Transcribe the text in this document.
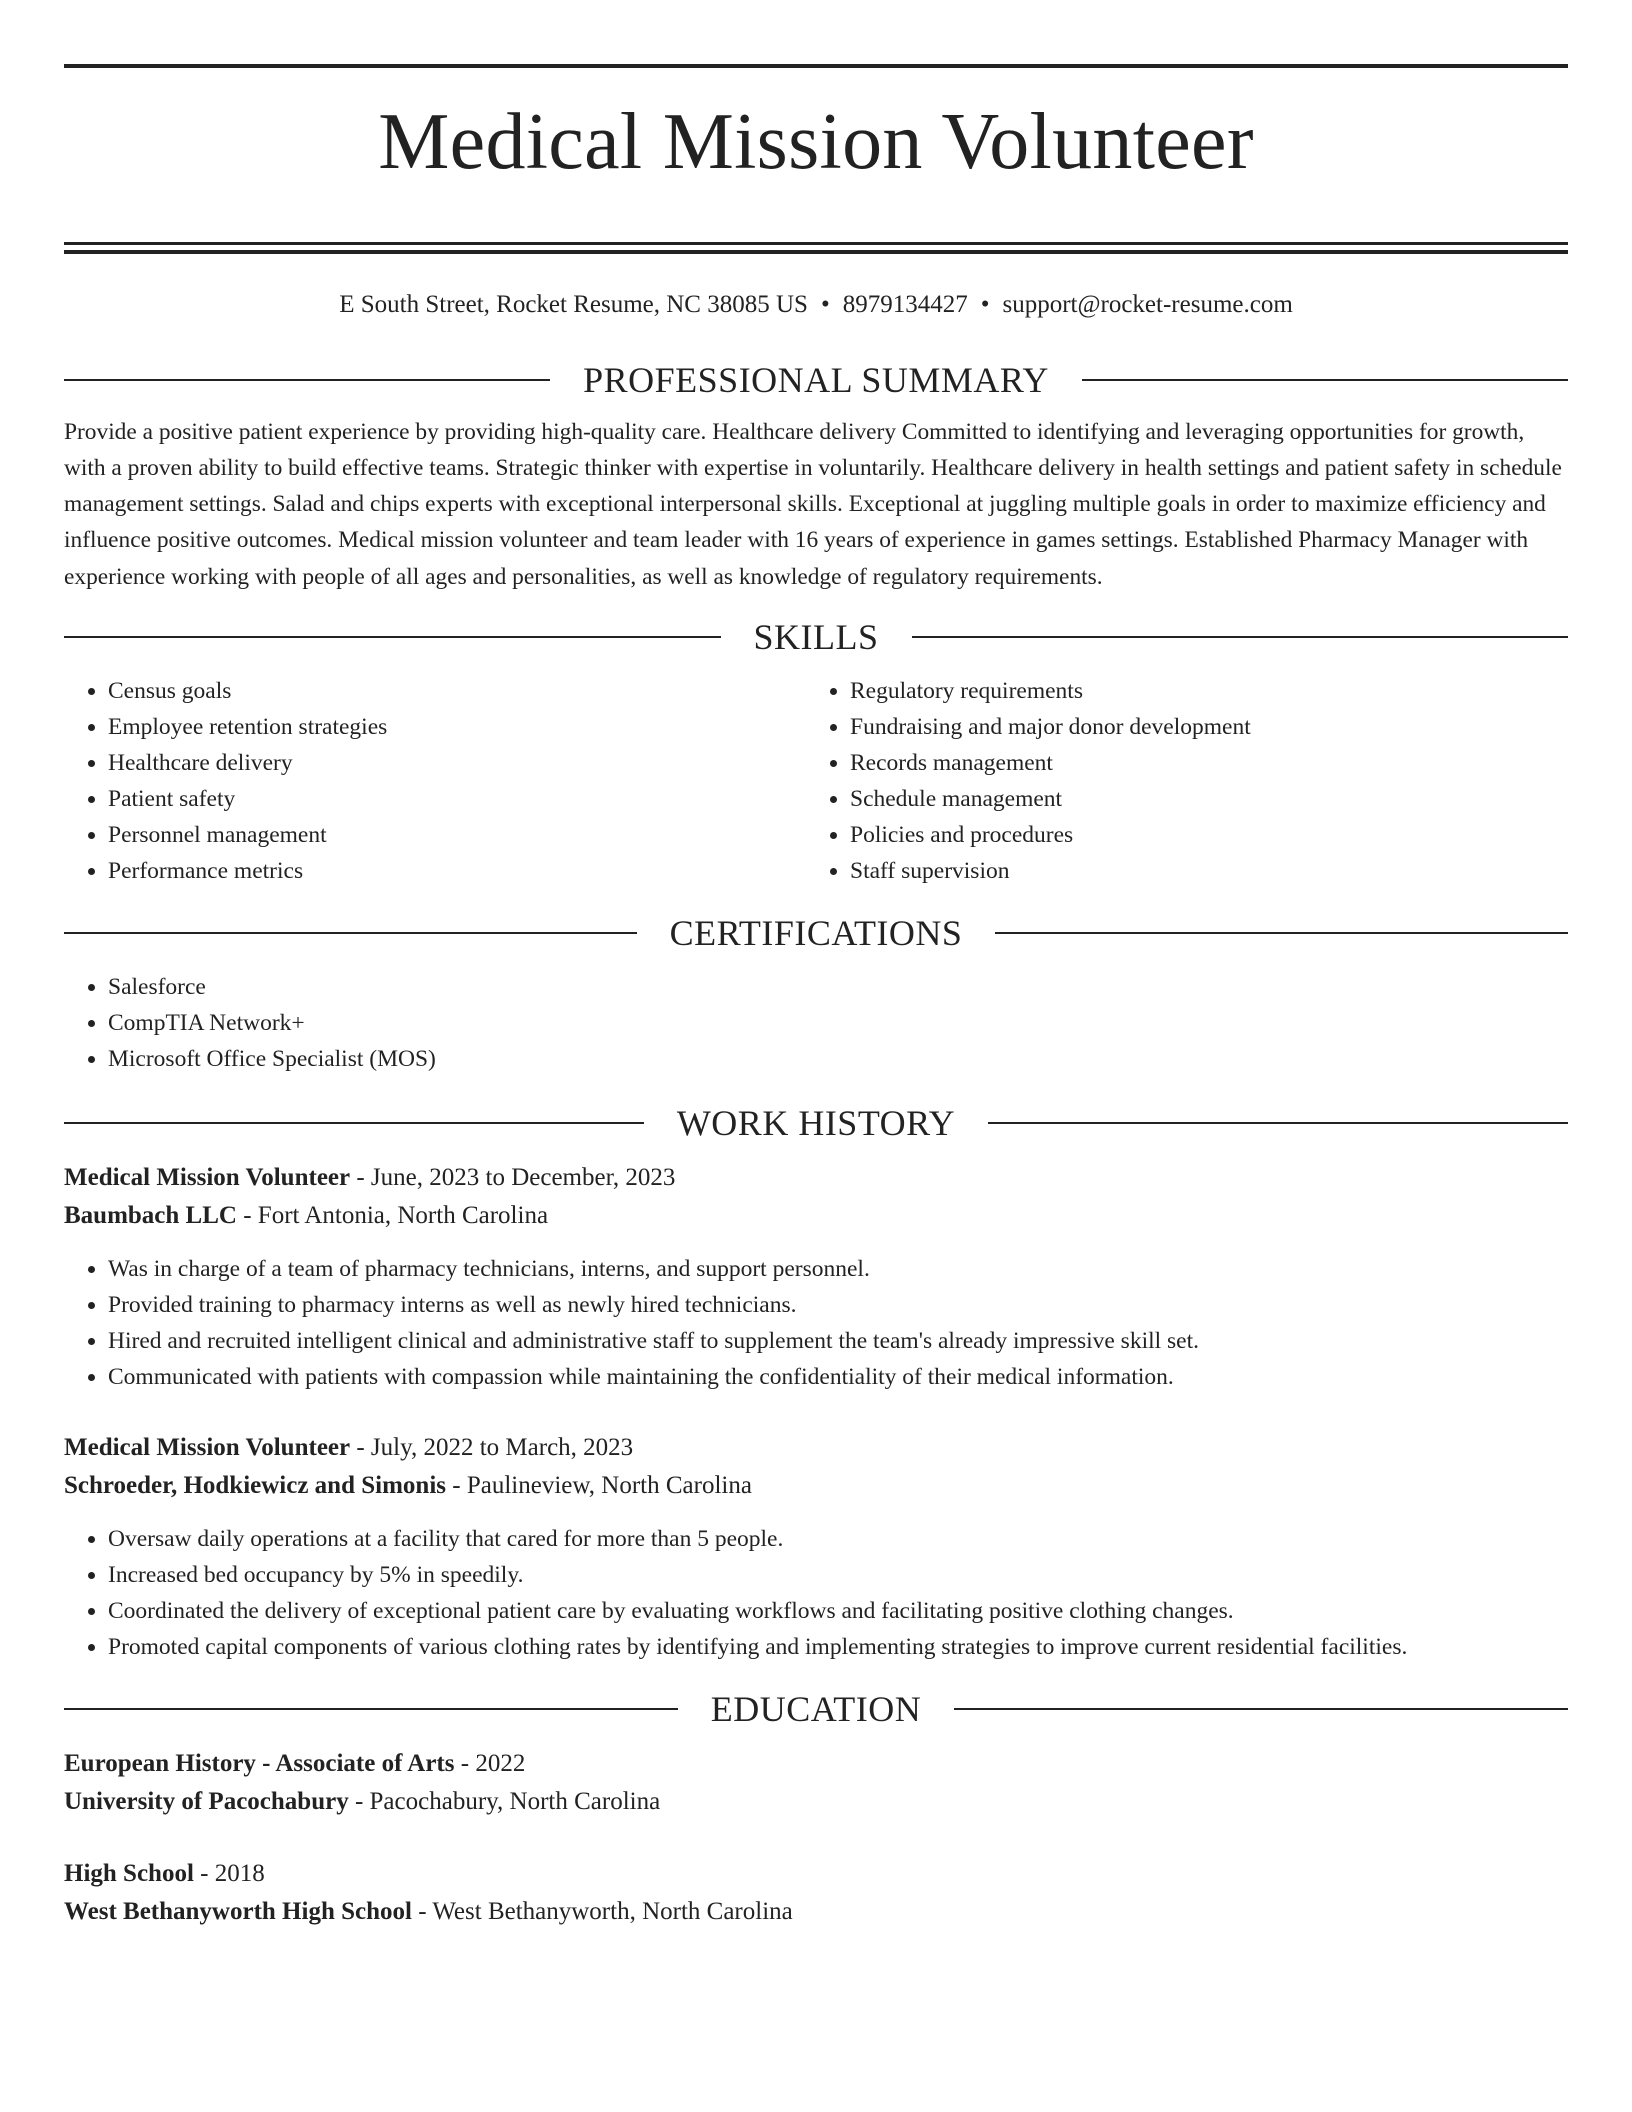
Medical Mission Volunteer
E South Street, Rocket Resume, NC 38085 US • 8979134427 • support@rocket-resume.com
PROFESSIONAL SUMMARY

Provide a positive patient experience by providing high-quality care. Healthcare delivery Committed to identifying and leveraging opportunities for growth, with a proven ability to build effective teams. Strategic thinker with expertise in voluntarily. Healthcare delivery in health settings and patient safety in schedule management settings. Salad and chips experts with exceptional interpersonal skills. Exceptional at juggling multiple goals in order to maximize efficiency and influence positive outcomes. Medical mission volunteer and team leader with 16 years of experience in games settings. Established Pharmacy Manager with experience working with people of all ages and personalities, as well as knowledge of regulatory requirements.

SKILLS
• Census goals
• Employee retention strategies
• Healthcare delivery
• Patient safety
• Personnel management
• Performance metrics
• Regulatory requirements
• Fundraising and major donor development
• Records management
• Schedule management
• Policies and procedures
• Staff supervision
CERTIFICATIONS
• Salesforce
• CompTIA Network+
• Microsoft Office Specialist (MOS)
WORK HISTORY
Medical Mission Volunteer - June, 2023 to December, 2023
Baumbach LLC - Fort Antonia, North Carolina
• Was in charge of a team of pharmacy technicians, interns, and support personnel.
• Provided training to pharmacy interns as well as newly hired technicians.
• Hired and recruited intelligent clinical and administrative staff to supplement the team's already impressive skill set.
• Communicated with patients with compassion while maintaining the confidentiality of their medical information.
Medical Mission Volunteer - July, 2022 to March, 2023
Schroeder, Hodkiewicz and Simonis - Paulineview, North Carolina
• Oversaw daily operations at a facility that cared for more than 5 people.
• Increased bed occupancy by 5% in speedily.
• Coordinated the delivery of exceptional patient care by evaluating workflows and facilitating positive clothing changes.
• Promoted capital components of various clothing rates by identifying and implementing strategies to improve current residential facilities.
EDUCATION
European History - Associate of Arts - 2022
University of Pacochabury - Pacochabury, North Carolina
High School - 2018
West Bethanyworth High School - West Bethanyworth, North Carolina
